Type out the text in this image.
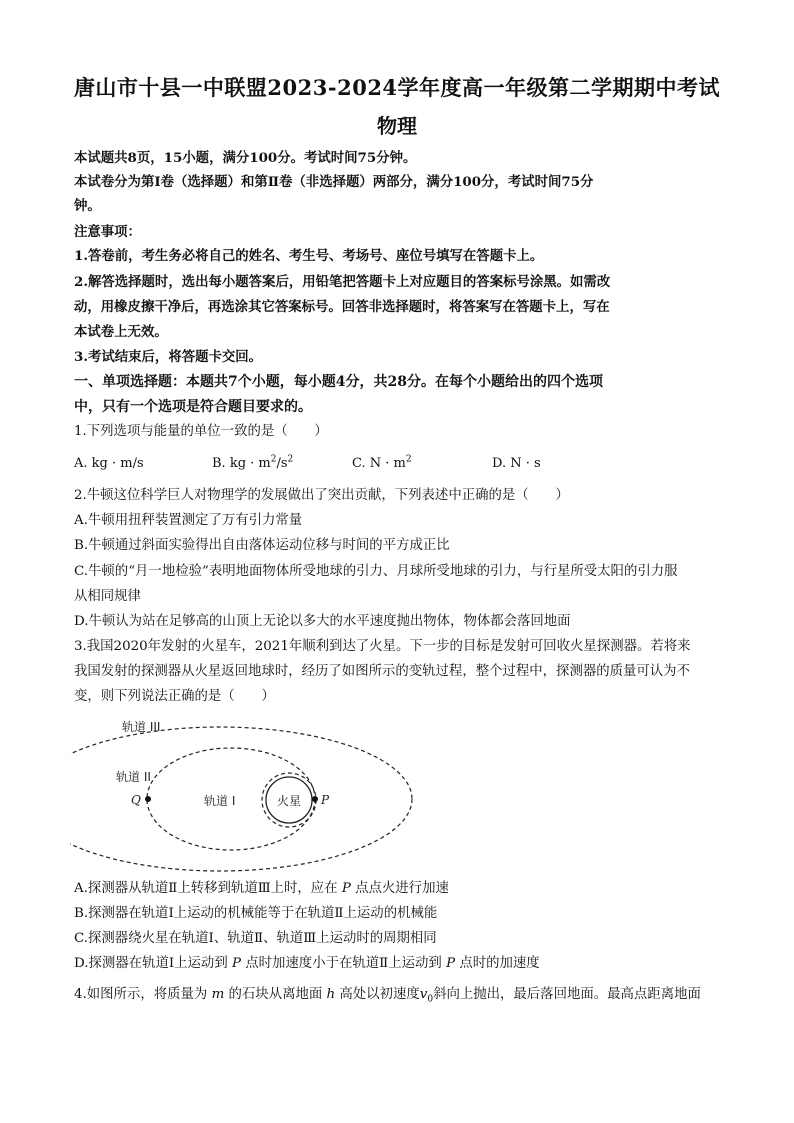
唐山市十县一中联盟2023-2024学年度高一年级第二学期期中考试
物理
本试题共8页，15小题，满分100分。考试时间75分钟。
本试卷分为第Ⅰ卷（选择题）和第Ⅱ卷（非选择题）两部分，满分100分，考试时间75分
钟。
注意事项：
1.答卷前，考生务必将自己的姓名、考生号、考场号、座位号填写在答题卡上。
2.解答选择题时，选出每小题答案后，用铅笔把答题卡上对应题目的答案标号涂黑。如需改
动，用橡皮擦干净后，再选涂其它答案标号。回答非选择题时，将答案写在答题卡上，写在
本试卷上无效。
3.考试结束后，将答题卡交回。
一、单项选择题：本题共7个小题，每小题4分，共28分。在每个小题给出的四个选项
中，只有一个选项是符合题目要求的。
1.下列选项与能量的单位一致的是（　　）
A. kg · m/s	B. kg · $m^2/s^2$	C. $N \cdot m^2$	D. N · s
2.牛顿这位科学巨人对物理学的发展做出了突出贡献，下列表述中正确的是（　　）
A.牛顿用扭秤装置测定了万有引力常量
B.牛顿通过斜面实验得出自由落体运动位移与时间的平方成正比
C.牛顿的“月一地检验”表明地面物体所受地球的引力、月球所受地球的引力，与行星所受太阳的引力服
从相同规律
D.牛顿认为站在足够高的山顶上无论以多大的水平速度抛出物体，物体都会落回地面
3.我国2020年发射的火星车，2021年顺利到达了火星。下一步的目标是发射可回收火星探测器。若将来
我国发射的探测器从火星返回地球时，经历了如图所示的变轨过程，整个过程中，探测器的质量可认为不
变，则下列说法正确的是（　　）
轨道 III
轨道 II
轨道 I	火星
Q	P
A.探测器从轨道Ⅱ上转移到轨道Ⅲ上时，应在 P 点点火进行加速
B.探测器在轨道Ⅰ上运动的机械能等于在轨道Ⅱ上运动的机械能
C.探测器绕火星在轨道Ⅰ、轨道Ⅱ、轨道Ⅲ上运动时的周期相同
D.探测器在轨道Ⅰ上运动到 P 点时加速度小于在轨道Ⅱ上运动到 P 点时的加速度
4.如图所示，将质量为 m 的石块从离地面 h 高处以初速度$v_0$斜向上抛出，最后落回地面。最高点距离地面
